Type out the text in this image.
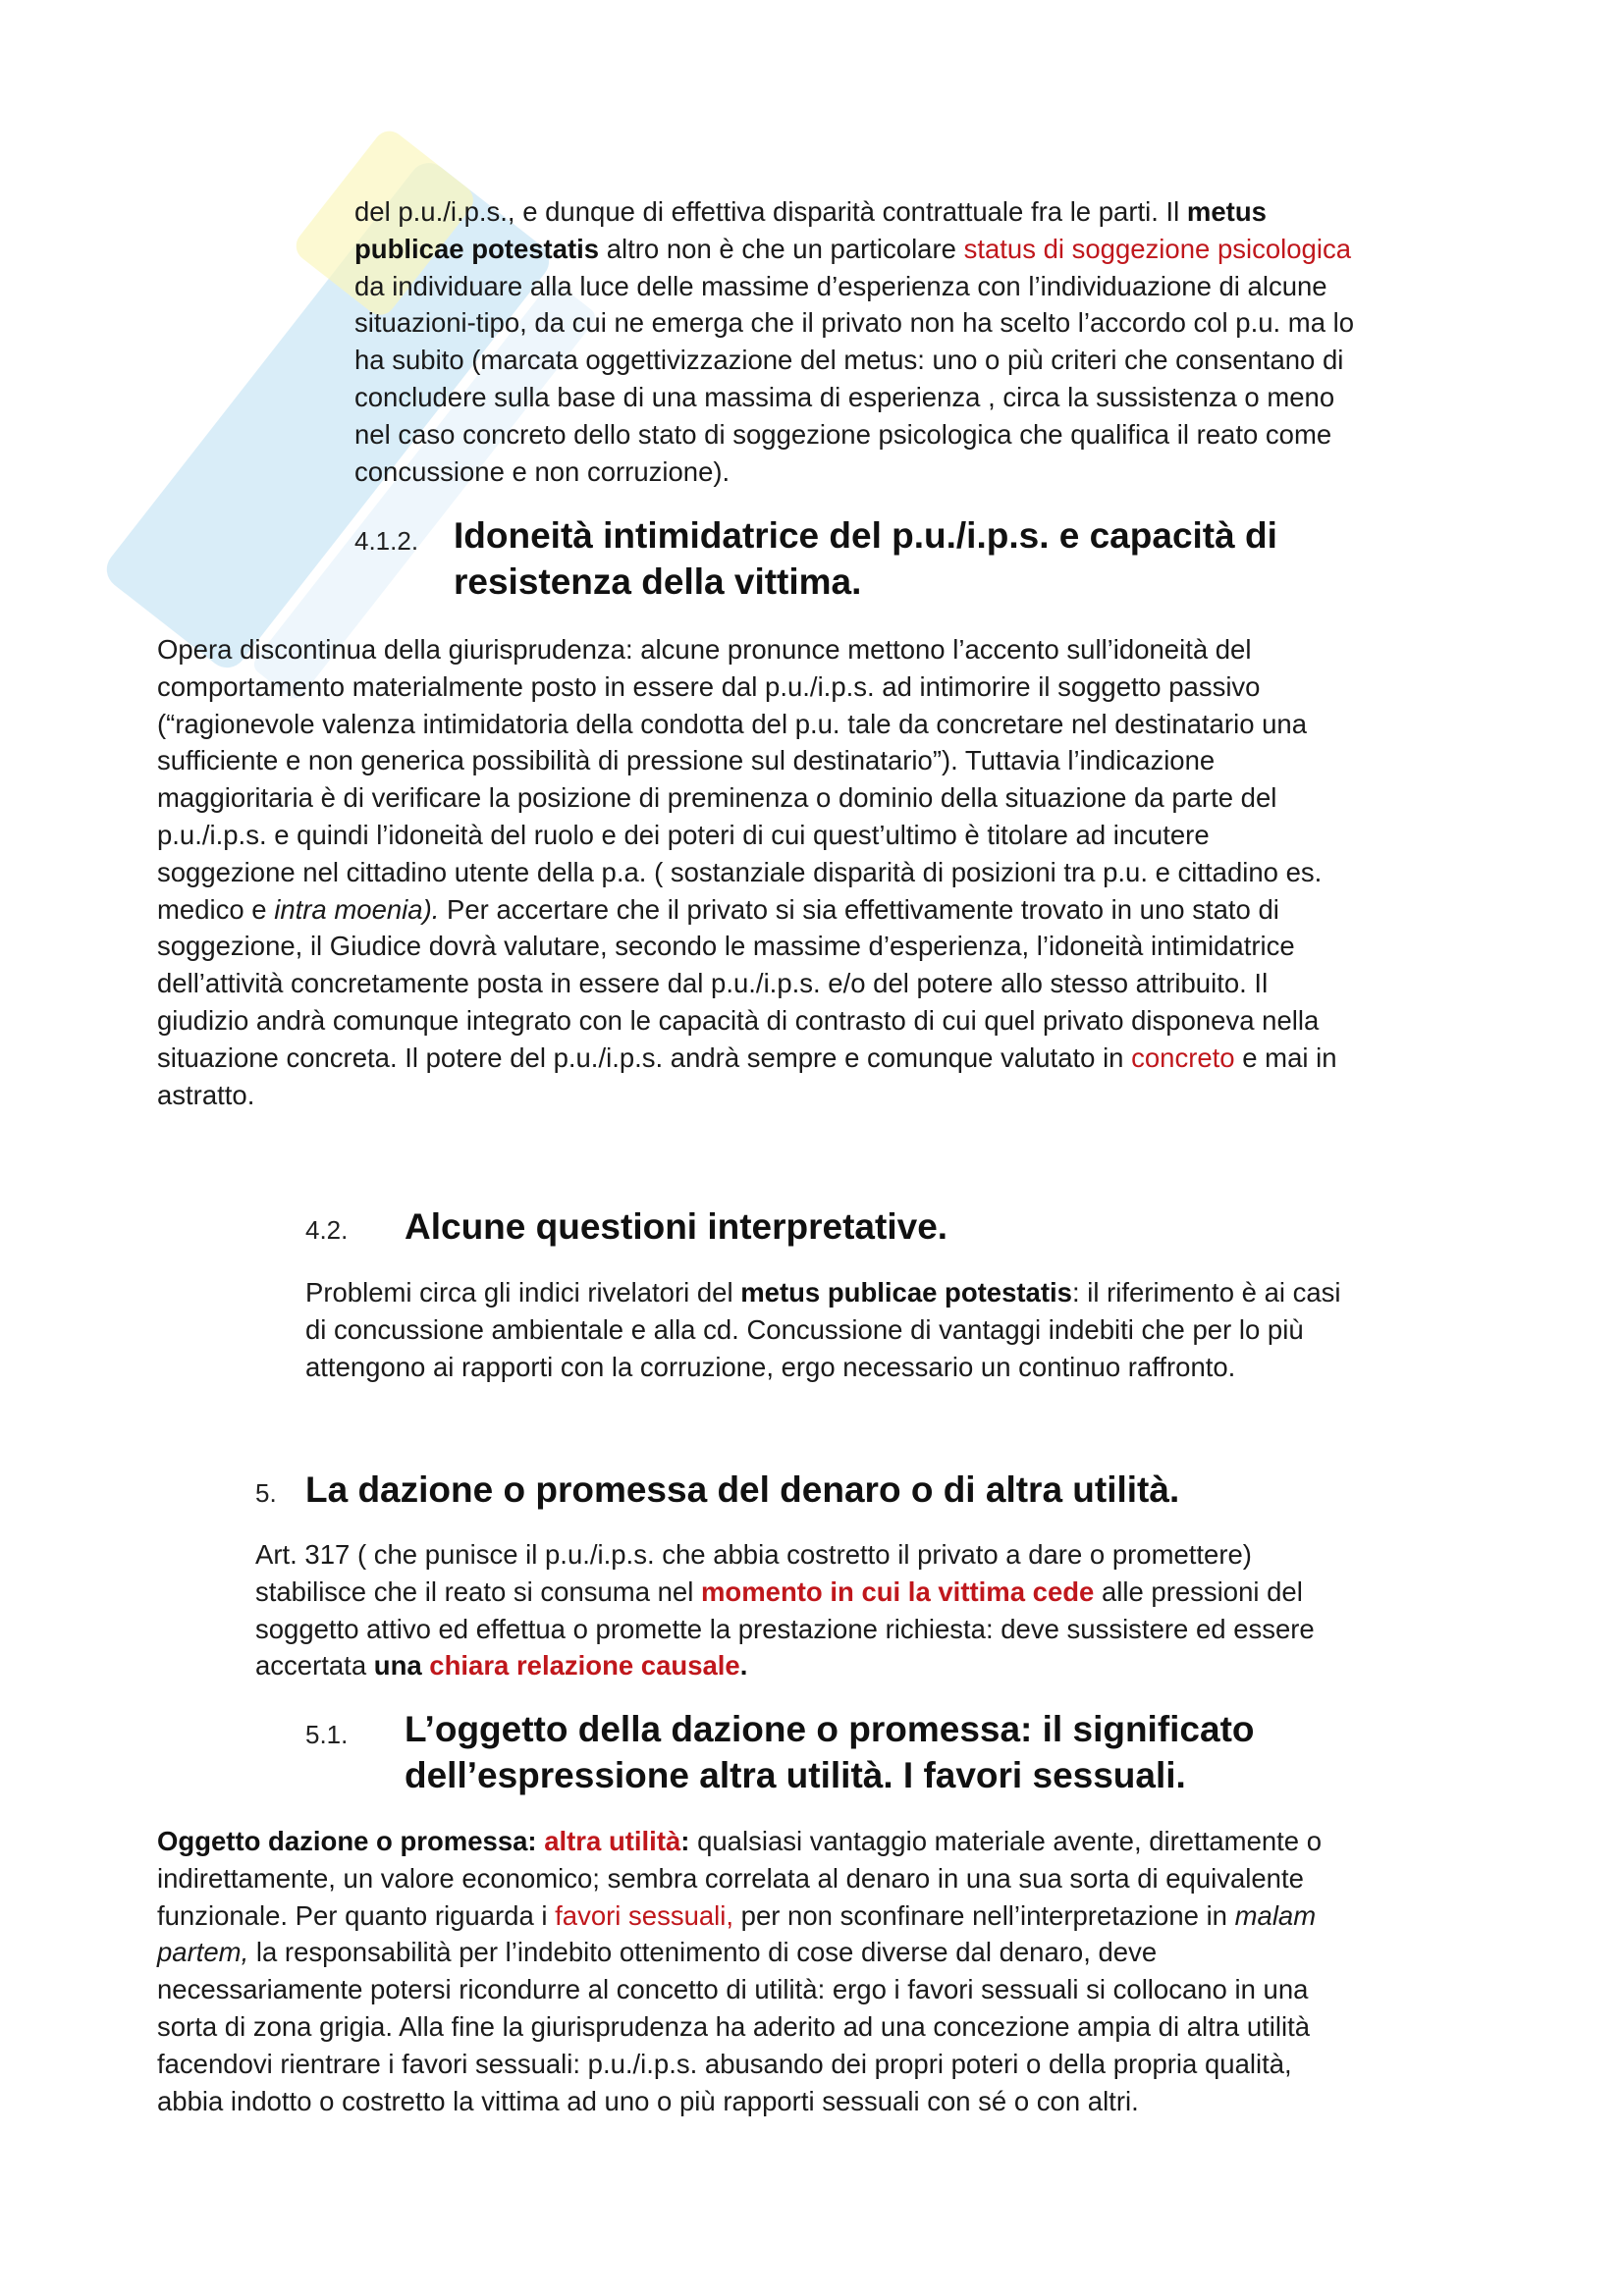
del p.u./i.p.s., e dunque di effettiva disparità contrattuale fra le parti. Il metus
publicae potestatis altro non è che un particolare status di soggezione psicologica
da individuare alla luce delle massime d’esperienza con l’individuazione di alcune
situazioni-tipo, da cui ne emerga che il privato non ha scelto l’accordo col p.u. ma lo
ha subito (marcata oggettivizzazione del metus: uno o più criteri che consentano di
concludere sulla base di una massima di esperienza , circa la sussistenza o meno
nel caso concreto dello stato di soggezione psicologica che qualifica il reato come
concussione e non corruzione).
4.1.2. Idoneità intimidatrice del p.u./i.p.s. e capacità di
resistenza della vittima.
Opera discontinua della giurisprudenza: alcune pronunce mettono l’accento sull’idoneità del
comportamento materialmente posto in essere dal p.u./i.p.s. ad intimorire il soggetto passivo
(“ragionevole valenza intimidatoria della condotta del p.u. tale da concretare nel destinatario una
sufficiente e non generica possibilità di pressione sul destinatario”). Tuttavia l’indicazione
maggioritaria è di verificare la posizione di preminenza o dominio della situazione da parte del
p.u./i.p.s. e quindi l’idoneità del ruolo e dei poteri di cui quest’ultimo è titolare ad incutere
soggezione nel cittadino utente della p.a. ( sostanziale disparità di posizioni tra p.u. e cittadino es.
medico e intra moenia). Per accertare che il privato si sia effettivamente trovato in uno stato di
soggezione, il Giudice dovrà valutare, secondo le massime d’esperienza, l’idoneità intimidatrice
dell’attività concretamente posta in essere dal p.u./i.p.s. e/o del potere allo stesso attribuito. Il
giudizio andrà comunque integrato con le capacità di contrasto di cui quel privato disponeva nella
situazione concreta. Il potere del p.u./i.p.s. andrà sempre e comunque valutato in concreto e mai in
astratto.
4.2. Alcune questioni interpretative.
Problemi circa gli indici rivelatori del metus publicae potestatis: il riferimento è ai casi
di concussione ambientale e alla cd. Concussione di vantaggi indebiti che per lo più
attengono ai rapporti con la corruzione, ergo necessario un continuo raffronto.
5. La dazione o promessa del denaro o di altra utilità.
Art. 317 ( che punisce il p.u./i.p.s. che abbia costretto il privato a dare o promettere)
stabilisce che il reato si consuma nel momento in cui la vittima cede alle pressioni del
soggetto attivo ed effettua o promette la prestazione richiesta: deve sussistere ed essere
accertata una chiara relazione causale.
5.1. L’oggetto della dazione o promessa: il significato
dell’espressione altra utilità. I favori sessuali.
Oggetto dazione o promessa: altra utilità: qualsiasi vantaggio materiale avente, direttamente o
indirettamente, un valore economico; sembra correlata al denaro in una sua sorta di equivalente
funzionale. Per quanto riguarda i favori sessuali, per non sconfinare nell’interpretazione in malam
partem, la responsabilità per l’indebito ottenimento di cose diverse dal denaro, deve
necessariamente potersi ricondurre al concetto di utilità: ergo i favori sessuali si collocano in una
sorta di zona grigia. Alla fine la giurisprudenza ha aderito ad una concezione ampia di altra utilità
facendovi rientrare i favori sessuali: p.u./i.p.s. abusando dei propri poteri o della propria qualità,
abbia indotto o costretto la vittima ad uno o più rapporti sessuali con sé o con altri.
